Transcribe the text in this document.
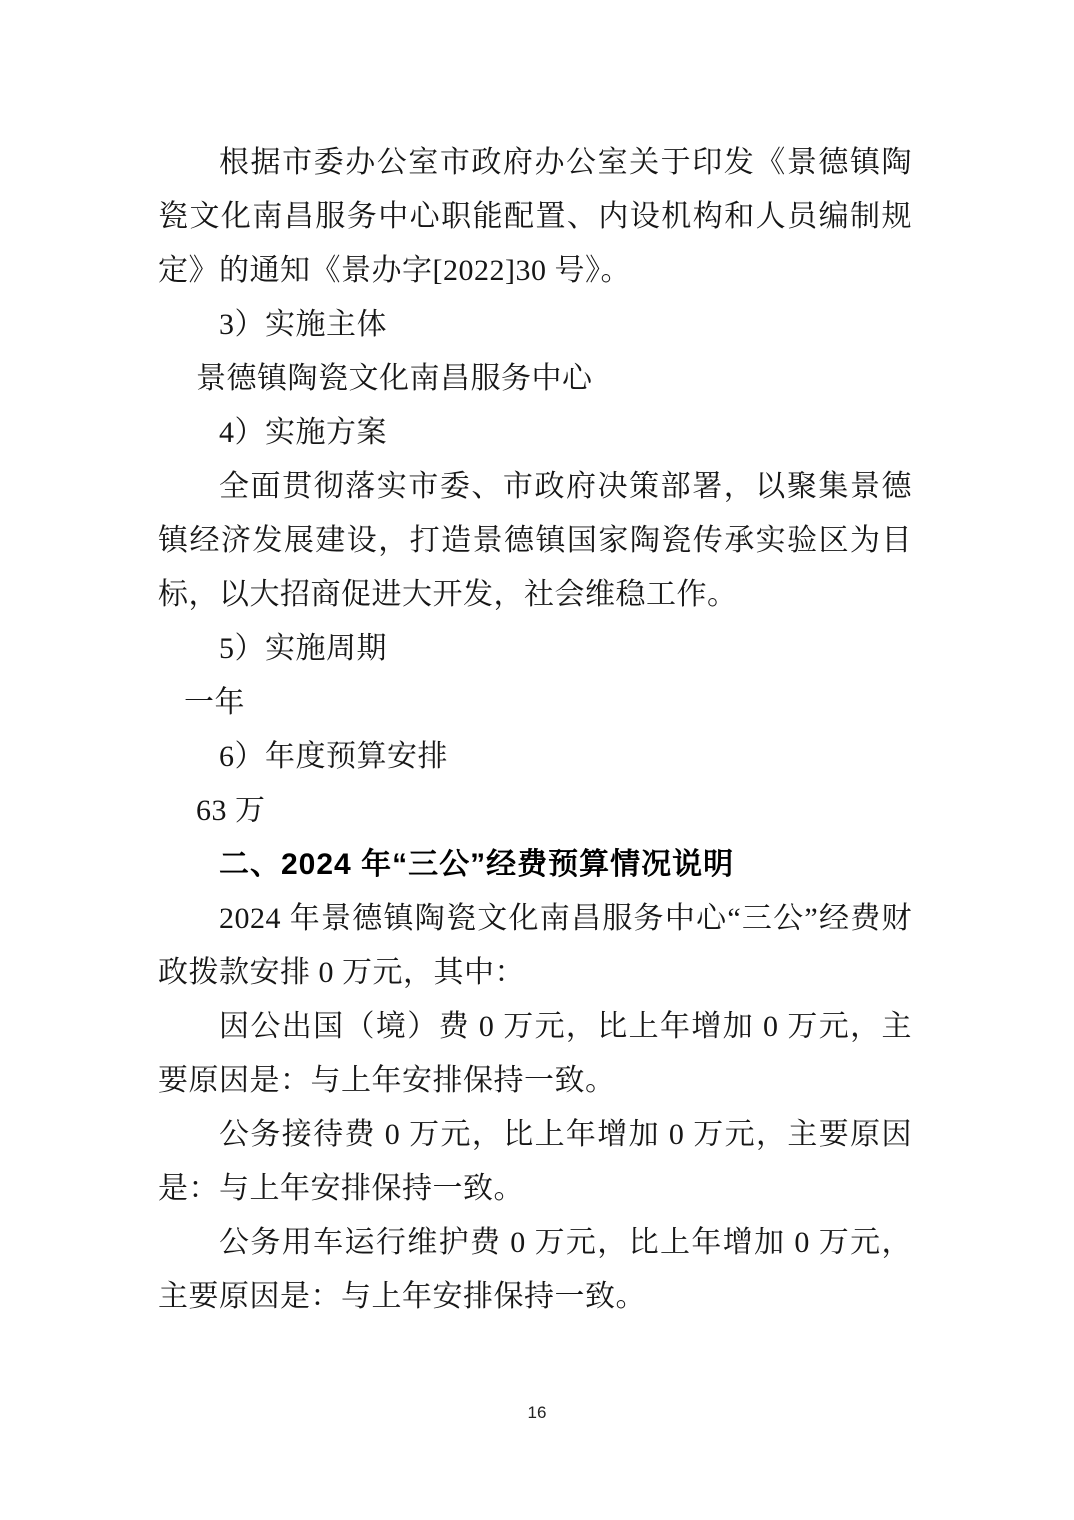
根据市委办公室市政府办公室关于印发《景德镇陶瓷文化南昌服务中心职能配置、内设机构和人员编制规定》的通知《景办字[2022]30 号》。

3）实施主体

景德镇陶瓷文化南昌服务中心

4）实施方案

全面贯彻落实市委、市政府决策部署，以聚集景德镇经济发展建设，打造景德镇国家陶瓷传承实验区为目标，以大招商促进大开发，社会维稳工作。

5）实施周期

一年

6）年度预算安排

63 万

二、2024 年“三公”经费预算情况说明

2024 年景德镇陶瓷文化南昌服务中心“三公”经费财政拨款安排 0 万元，其中：

因公出国（境）费 0 万元，比上年增加 0 万元，主要原因是：与上年安排保持一致。

公务接待费 0 万元，比上年增加 0 万元，主要原因是：与上年安排保持一致。

公务用车运行维护费 0 万元，比上年增加 0 万元，主要原因是：与上年安排保持一致。

16
